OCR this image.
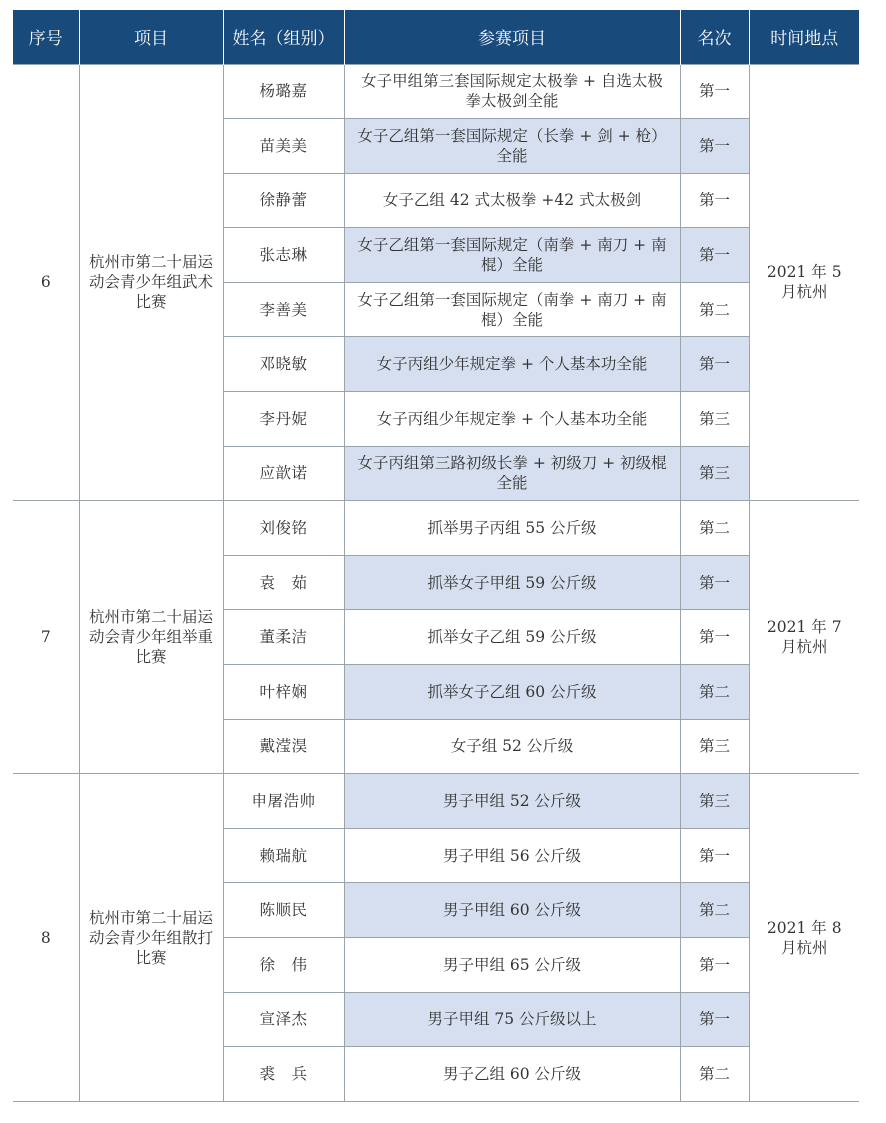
序号	项目	姓名（组别）	参赛项目	名次	时间地点
6	杭州市第二十届运动会青少年组武术比赛	杨璐嘉	女子甲组第三套国际规定太极拳 + 自选太极拳太极剑全能	第一	2021 年 5 月杭州
		苗美美	女子乙组第一套国际规定（长拳 + 剑 + 枪）全能	第一	
		徐静蕾	女子乙组 42 式太极拳 +42 式太极剑	第一	
		张志琳	女子乙组第一套国际规定（南拳 + 南刀 + 南棍）全能	第一	
		李善美	女子乙组第一套国际规定（南拳 + 南刀 + 南棍）全能	第二	
		邓晓敏	女子丙组少年规定拳 + 个人基本功全能	第一	
		李丹妮	女子丙组少年规定拳 + 个人基本功全能	第三	
		应歆诺	女子丙组第三路初级长拳 + 初级刀 + 初级棍全能	第三	
7	杭州市第二十届运动会青少年组举重比赛	刘俊铭	抓举男子丙组 55 公斤级	第二	2021 年 7 月杭州
		袁　茹	抓举女子甲组 59 公斤级	第一	
		董柔洁	抓举女子乙组 59 公斤级	第一	
		叶梓娴	抓举女子乙组 60 公斤级	第二	
		戴滢淏	女子组 52 公斤级	第三	
8	杭州市第二十届运动会青少年组散打比赛	申屠浩帅	男子甲组 52 公斤级	第三	2021 年 8 月杭州
		赖瑞航	男子甲组 56 公斤级	第一	
		陈顺民	男子甲组 60 公斤级	第二	
		徐　伟	男子甲组 65 公斤级	第一	
		宣泽杰	男子甲组 75 公斤级以上	第一	
		裘　兵	男子乙组 60 公斤级	第二	
